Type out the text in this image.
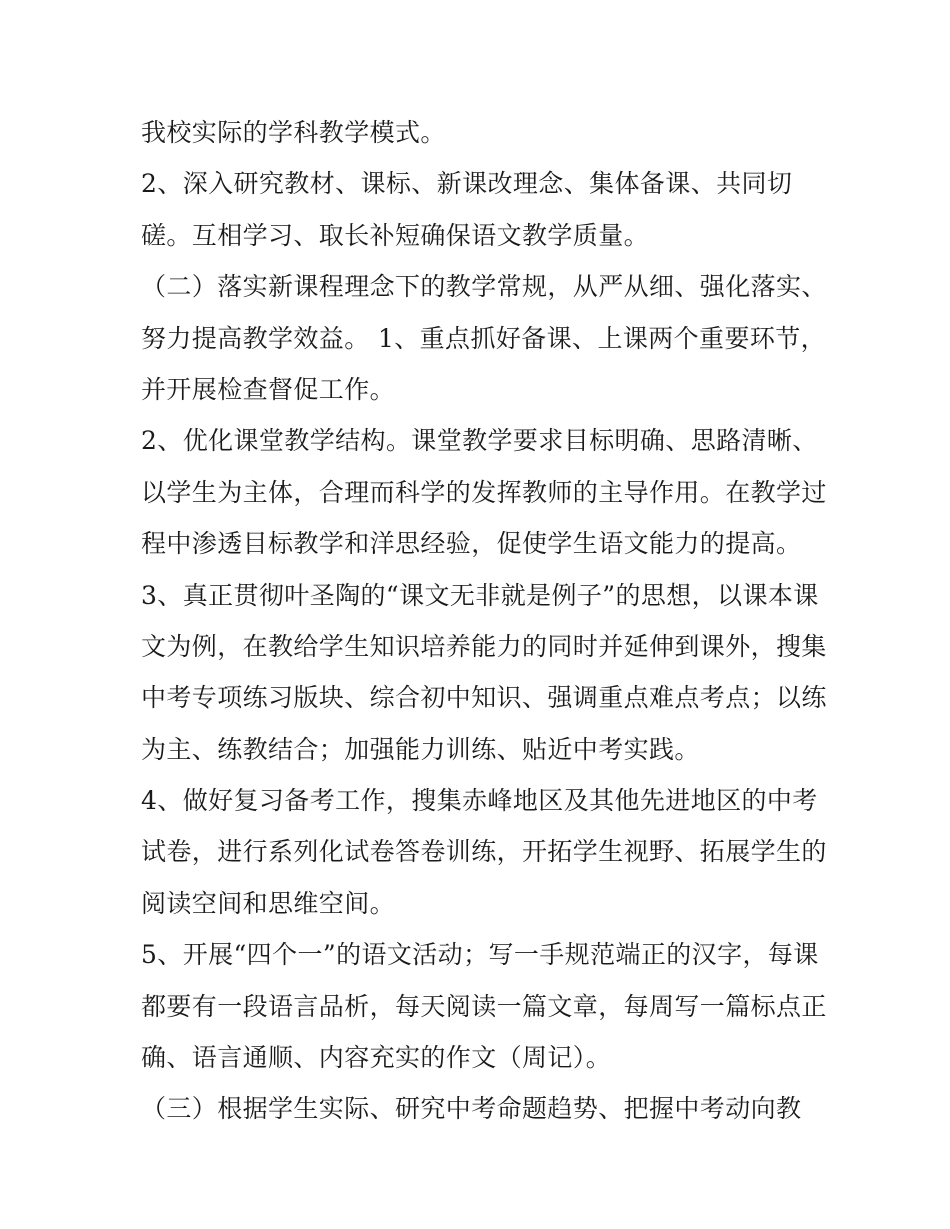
我校实际的学科教学模式。
2、深入研究教材、课标、新课改理念、集体备课、共同切
磋。互相学习、取长补短确保语文教学质量。
（二）落实新课程理念下的教学常规，从严从细、强化落实、
努力提高教学效益。 1、重点抓好备课、上课两个重要环节，
并开展检查督促工作。
2、优化课堂教学结构。课堂教学要求目标明确、思路清晰、
以学生为主体，合理而科学的发挥教师的主导作用。在教学过
程中渗透目标教学和洋思经验，促使学生语文能力的提高。
3、真正贯彻叶圣陶的“课文无非就是例子”的思想，以课本课
文为例，在教给学生知识培养能力的同时并延伸到课外，搜集
中考专项练习版块、综合初中知识、强调重点难点考点；以练
为主、练教结合；加强能力训练、贴近中考实践。
4、做好复习备考工作，搜集赤峰地区及其他先进地区的中考
试卷，进行系列化试卷答卷训练，开拓学生视野、拓展学生的
阅读空间和思维空间。
5、开展“四个一”的语文活动；写一手规范端正的汉字，每课
都要有一段语言品析，每天阅读一篇文章，每周写一篇标点正
确、语言通顺、内容充实的作文（周记）。
（三）根据学生实际、研究中考命题趋势、把握中考动向教
